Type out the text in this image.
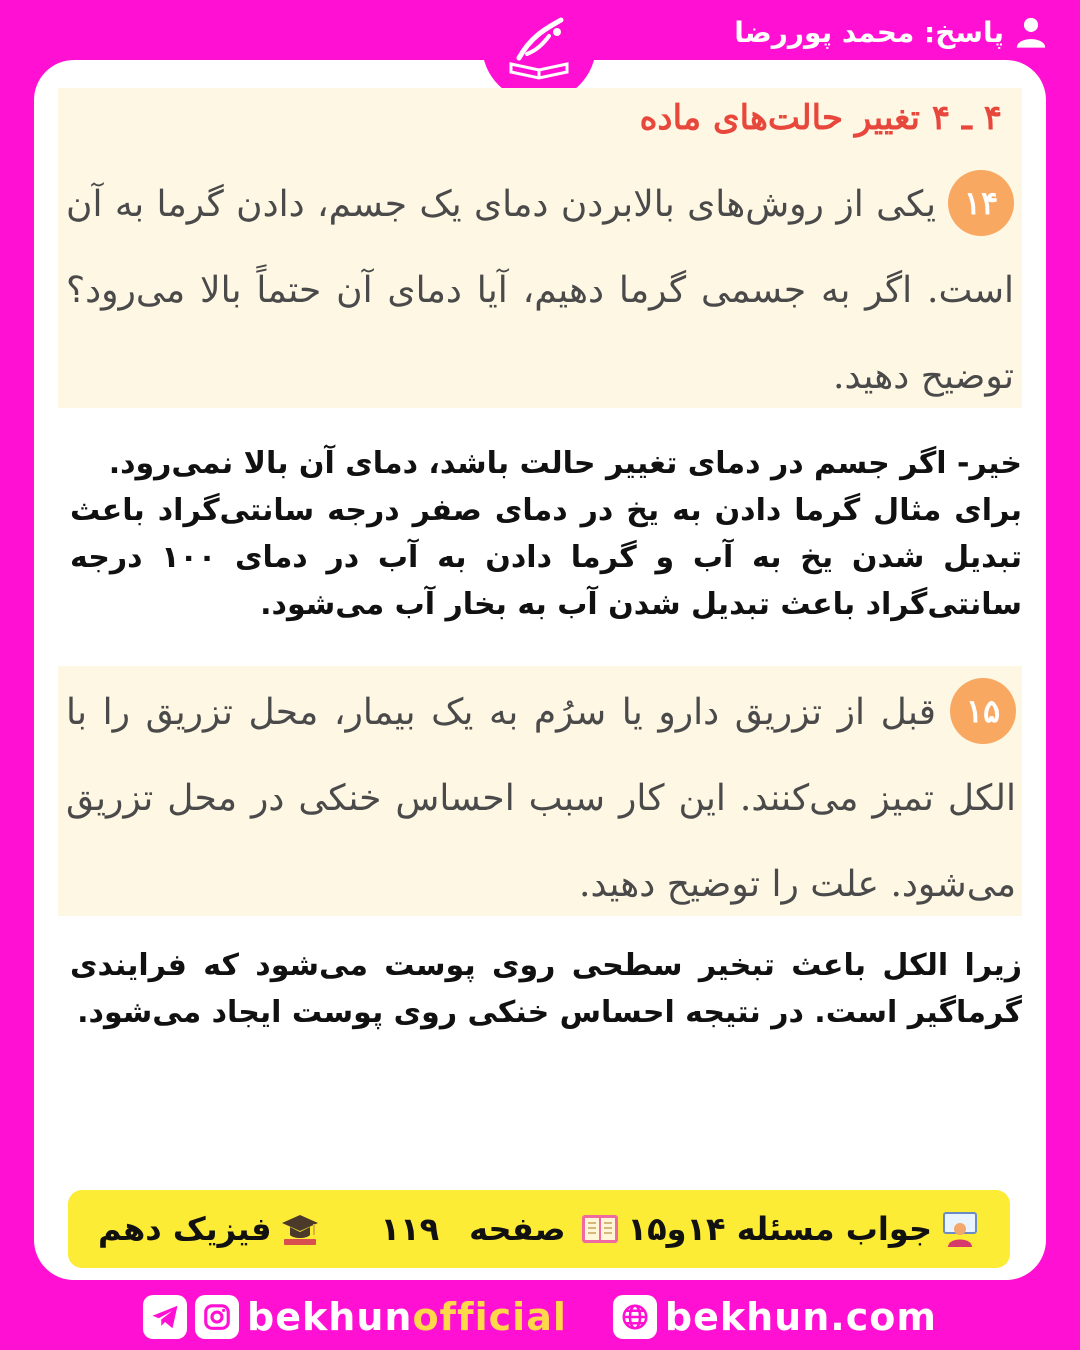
پاسخ: محمد پوررضا
۴ ـ ۴ تغییر حالت‌های ماده
۱۴
یکی از روش‌های بالابردن دمای یک جسم، دادن گرما به آن است. اگر به جسمی گرما دهیم، آیا دمای آن حتماً بالا می‌رود؟ توضیح دهید.
خیر- اگر جسم در دمای تغییر حالت باشد، دمای آن بالا نمی‌رود.
برای مثال گرما دادن به یخ در دمای صفر درجه سانتی‌گراد باعث تبدیل شدن یخ به آب و گرما دادن به آب در دمای ۱۰۰ درجه سانتی‌گراد باعث تبدیل شدن آب به بخار آب می‌شود.
۱۵
قبل از تزریق دارو یا سرُم به یک بیمار، محل تزریق را با الکل تمیز می‌کنند. این کار سبب احساس خنکی در محل تزریق می‌شود. علت را توضیح دهید.
زیرا الکل باعث تبخیر سطحی روی پوست می‌شود که فرایندی گرماگیر است. در نتیجه احساس خنکی روی پوست ایجاد می‌شود.
جواب مسئله ۱۴و۱۵
صفحه
۱۱۹
فیزیک دهم
bekhunofficial	bekhun.com
